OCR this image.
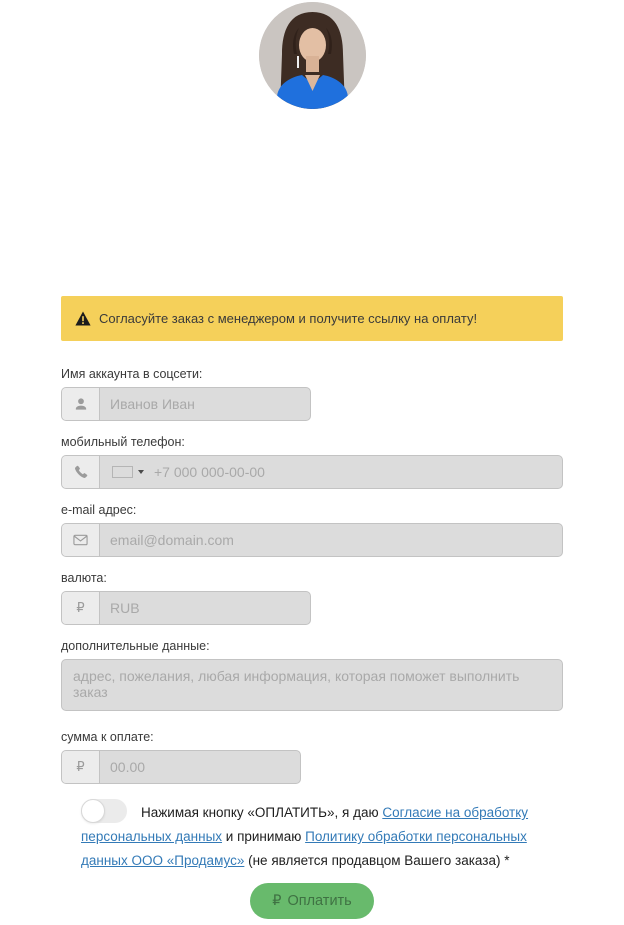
Согласуйте заказ с менеджером и получите ссылку на оплату!
Имя аккаунта в соцсети:
Иванов Иван
мобильный телефон:
+7 000 000-00-00
e-mail адрес:
email@domain.com
валюта:
₽
RUB
дополнительные данные:
адрес, пожелания, любая информация, которая поможет выполнить заказ
сумма к оплате:
₽
00.00
Нажимая кнопку «ОПЛАТИТЬ», я даю Согласие на обработку персональных данных и принимаю Политику обработки персональных данных ООО «Продамус» (не является продавцом Вашего заказа) *
₽ Оплатить
